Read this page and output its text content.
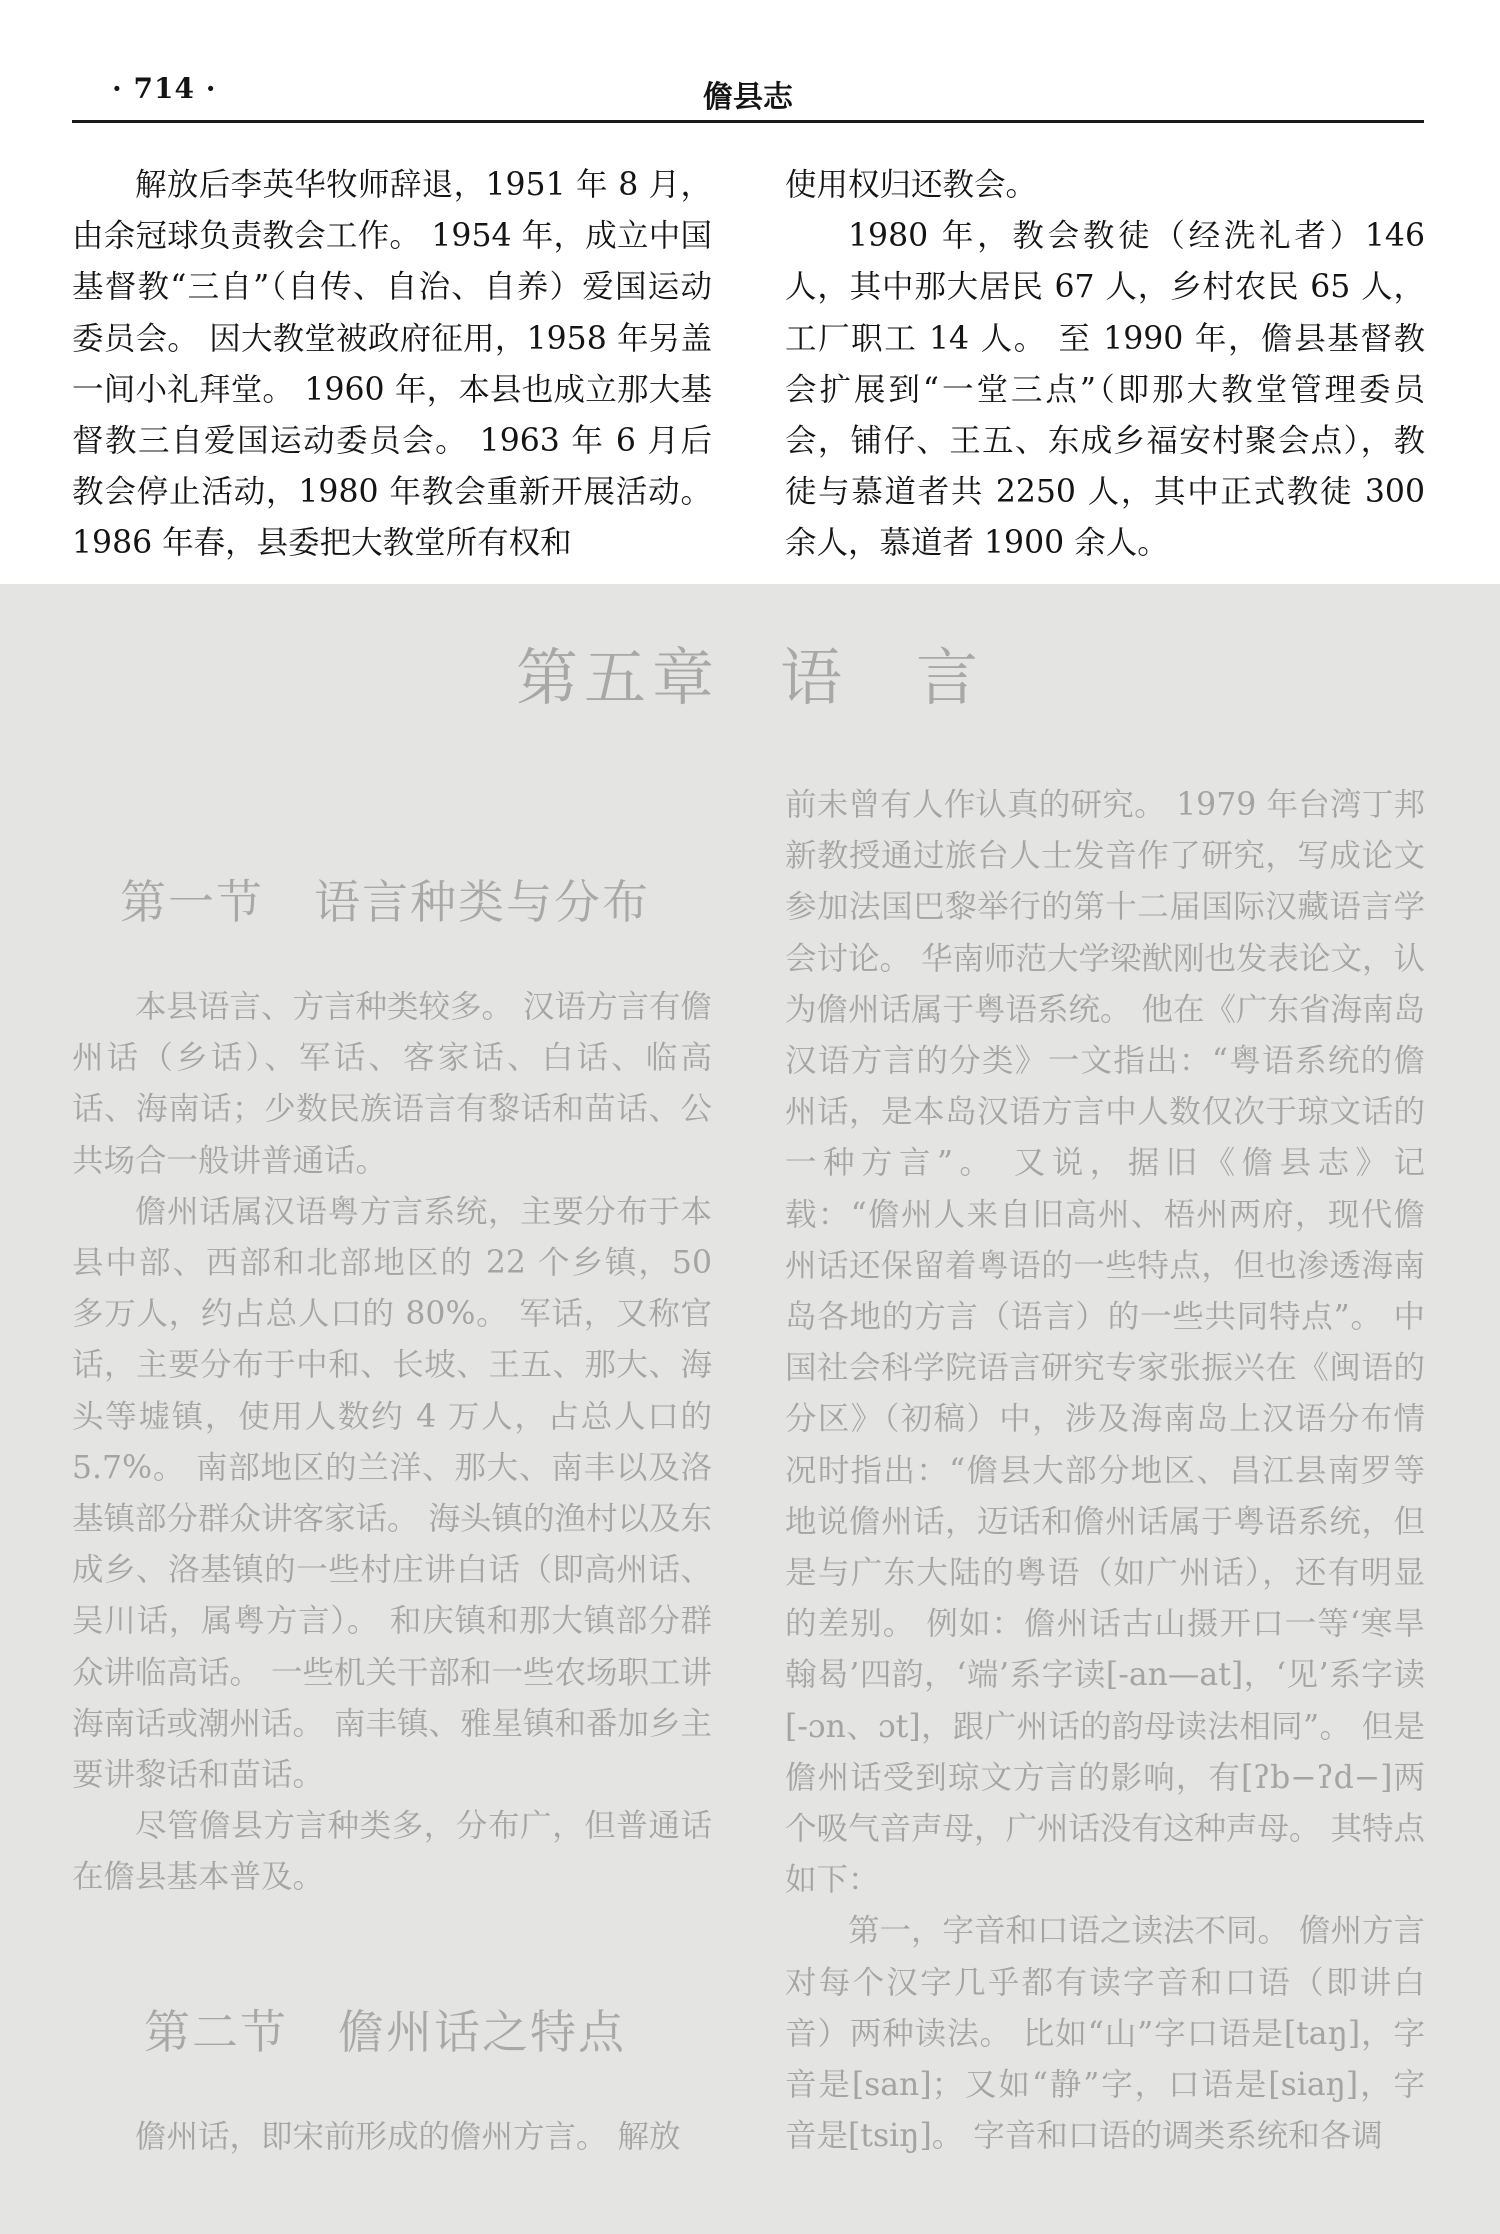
· 714 ·	儋县志

解放后李英华牧师辞退，1951 年 8 月，由余冠球负责教会工作。 1954 年，成立中国基督教“三自”（自传、自治、自养）爱国运动委员会。 因大教堂被政府征用，1958 年另盖一间小礼拜堂。 1960 年，本县也成立那大基督教三自爱国运动委员会。 1963 年 6 月后教会停止活动，1980 年教会重新开展活动。 1986 年春，县委把大教堂所有权和

使用权归还教会。

1980 年，教会教徒（经洗礼者）146 人，其中那大居民 67 人，乡村农民 65 人，工厂职工 14 人。 至 1990 年，儋县基督教会扩展到“一堂三点”（即那大教堂管理委员会，铺仔、王五、东成乡福安村聚会点），教徒与慕道者共 2250 人，其中正式教徒 300 余人，慕道者 1900 余人。

第五章 语　言
第一节 语言种类与分布

本县语言、方言种类较多。 汉语方言有儋州话（乡话）、军话、客家话、白话、临高话、海南话；少数民族语言有黎话和苗话、公共场合一般讲普通话。

儋州话属汉语粤方言系统，主要分布于本县中部、西部和北部地区的 22 个乡镇，50 多万人，约占总人口的 80%。 军话，又称官话，主要分布于中和、长坡、王五、那大、海头等墟镇，使用人数约 4 万人，占总人口的 5.7%。 南部地区的兰洋、那大、南丰以及洛基镇部分群众讲客家话。 海头镇的渔村以及东成乡、洛基镇的一些村庄讲白话（即高州话、吴川话，属粤方言）。 和庆镇和那大镇部分群众讲临高话。 一些机关干部和一些农场职工讲海南话或潮州话。 南丰镇、雅星镇和番加乡主要讲黎话和苗话。

尽管儋县方言种类多，分布广，但普通话在儋县基本普及。

第二节 儋州话之特点

儋州话，即宋前形成的儋州方言。 解放

前未曾有人作认真的研究。 1979 年台湾丁邦新教授通过旅台人士发音作了研究，写成论文参加法国巴黎举行的第十二届国际汉藏语言学会讨论。 华南师范大学梁猷刚也发表论文，认为儋州话属于粤语系统。 他在《广东省海南岛汉语方言的分类》一文指出：“粤语系统的儋州话，是本岛汉语方言中人数仅次于琼文话的一种方言”。 又说，据旧《儋县志》记载：“儋州人来自旧高州、梧州两府，现代儋州话还保留着粤语的一些特点，但也渗透海南岛各地的方言（语言）的一些共同特点”。 中国社会科学院语言研究专家张振兴在《闽语的分区》（初稿）中，涉及海南岛上汉语分布情况时指出：“儋县大部分地区、昌江县南罗等地说儋州话，迈话和儋州话属于粤语系统，但是与广东大陆的粤语（如广州话），还有明显的差别。 例如：儋州话古山摄开口一等‘寒旱翰曷’四韵，‘端’系字读[-an—at]，‘见’系字读[-ɔn、ɔt]，跟广州话的韵母读法相同”。 但是儋州话受到琼文方言的影响，有[ʔb−ʔd−]两个吸气音声母，广州话没有这种声母。 其特点如下：

第一，字音和口语之读法不同。 儋州方言对每个汉字几乎都有读字音和口语（即讲白音）两种读法。 比如“山”字口语是[taŋ]，字音是[san]；又如“静”字，口语是[siaŋ]，字音是[tsiŋ]。 字音和口语的调类系统和各调
